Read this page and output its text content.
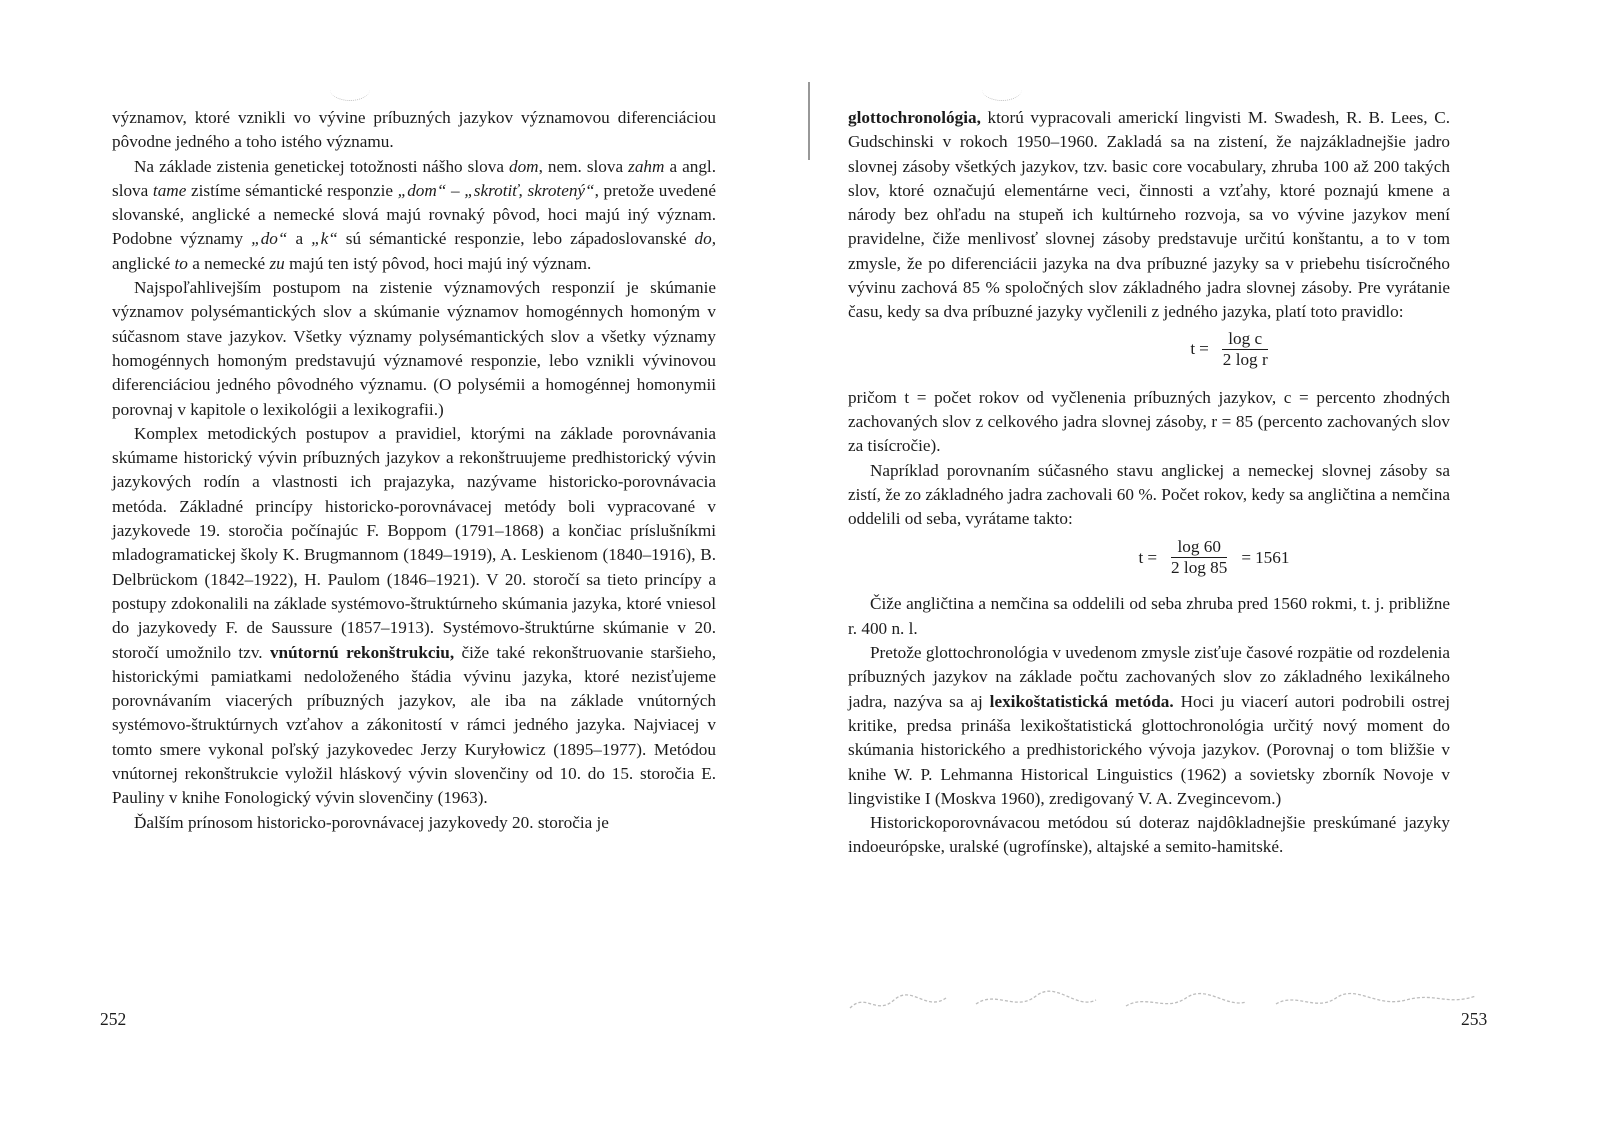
významov, ktoré vznikli vo vývine príbuzných jazykov významovou diferenciáciou pôvodne jedného a toho istého významu.

Na základe zistenia genetickej totožnosti nášho slova dom, nem. slova zahm a angl. slova tame zistíme sémantické responzie „dom“ – „skrotiť, skrotený“, pretože uvedené slovanské, anglické a nemecké slová majú rovnaký pôvod, hoci majú iný význam. Podobne významy „do“ a „k“ sú sémantické responzie, lebo západoslovanské do, anglické to a nemecké zu majú ten istý pôvod, hoci majú iný význam.

Najspoľahlivejším postupom na zistenie významových responzií je skúmanie významov polysémantických slov a skúmanie významov homogénnych homoným v súčasnom stave jazykov. Všetky významy polysémantických slov a všetky významy homogénnych homoným predstavujú významové responzie, lebo vznikli vývinovou diferenciáciou jedného pôvodného významu. (O polysémii a homogénnej homonymii porovnaj v kapitole o lexikológii a lexikografii.)

Komplex metodických postupov a pravidiel, ktorými na základe porovnávania skúmame historický vývin príbuzných jazykov a rekonštruujeme predhistorický vývin jazykových rodín a vlastnosti ich prajazyka, nazývame historicko-porovnávacia metóda. Základné princípy historicko-porovnávacej metódy boli vypracované v jazykovede 19. storočia počínajúc F. Boppom (1791–1868) a končiac príslušníkmi mladogramatickej školy K. Brugmannom (1849–1919), A. Leskienom (1840–1916), B. Delbrückom (1842–1922), H. Paulom (1846–1921). V 20. storočí sa tieto princípy a postupy zdokonalili na základe systémovo-štruktúrneho skúmania jazyka, ktoré vniesol do jazykovedy F. de Saussure (1857–1913). Systémovo-štruktúrne skúmanie v 20. storočí umožnilo tzv. vnútornú rekonštrukciu, čiže také rekonštruovanie staršieho, historickými pamiatkami nedoloženého štádia vývinu jazyka, ktoré nezisťujeme porovnávaním viacerých príbuzných jazykov, ale iba na základe vnútorných systémovo-štruktúrnych vzťahov a zákonitostí v rámci jedného jazyka. Najviacej v tomto smere vykonal poľský jazykovedec Jerzy Kuryłowicz (1895–1977). Metódou vnútornej rekonštrukcie vyložil hláskový vývin slovenčiny od 10. do 15. storočia E. Pauliny v knihe Fonologický vývin slovenčiny (1963).

Ďalším prínosom historicko-porovnávacej jazykovedy 20. storočia je

252

glottochronológia, ktorú vypracovali americkí lingvisti M. Swadesh, R. B. Lees, C. Gudschinski v rokoch 1950–1960. Zakladá sa na zistení, že najzákladnejšie jadro slovnej zásoby všetkých jazykov, tzv. basic core vocabulary, zhruba 100 až 200 takých slov, ktoré označujú elementárne veci, činnosti a vzťahy, ktoré poznajú kmene a národy bez ohľadu na stupeň ich kultúrneho rozvoja, sa vo vývine jazykov mení pravidelne, čiže menlivosť slovnej zásoby predstavuje určitú konštantu, a to v tom zmysle, že po diferenciácii jazyka na dva príbuzné jazyky sa v priebehu tisícročného vývinu zachová 85 % spoločných slov základného jadra slovnej zásoby. Pre vyrátanie času, kedy sa dva príbuzné jazyky vyčlenili z jedného jazyka, platí toto pravidlo:

$t = \frac{\text{log c}}{\text{2 log r}}$

pričom t = počet rokov od vyčlenenia príbuzných jazykov, c = percento zhodných zachovaných slov z celkového jadra slovnej zásoby, r = 85 (percento zachovaných slov za tisícročie).

Napríklad porovnaním súčasného stavu anglickej a nemeckej slovnej zásoby sa zistí, že zo základného jadra zachovali 60 %. Počet rokov, kedy sa angličtina a nemčina oddelili od seba, vyrátame takto:

$t = \frac{\log 60}{2 \log 85} = 1561$

Čiže angličtina a nemčina sa oddelili od seba zhruba pred 1560 rokmi, t. j. približne r. 400 n. l.

Pretože glottochronológia v uvedenom zmysle zisťuje časové rozpätie od rozdelenia príbuzných jazykov na základe počtu zachovaných slov zo základného lexikálneho jadra, nazýva sa aj lexikoštatistická metóda. Hoci ju viacerí autori podrobili ostrej kritike, predsa prináša lexikoštatistická glottochronológia určitý nový moment do skúmania historického a predhistorického vývoja jazykov. (Porovnaj o tom bližšie v knihe W. P. Lehmanna Historical Linguistics (1962) a sovietsky zborník Novoje v lingvistike I (Moskva 1960), zredigovaný V. A. Zvegincevom.)

Historickoporovnávacou metódou sú doteraz najdôkladnejšie preskúmané jazyky indoeurópske, uralské (ugrofínske), altajské a semito-hamitské.

253
